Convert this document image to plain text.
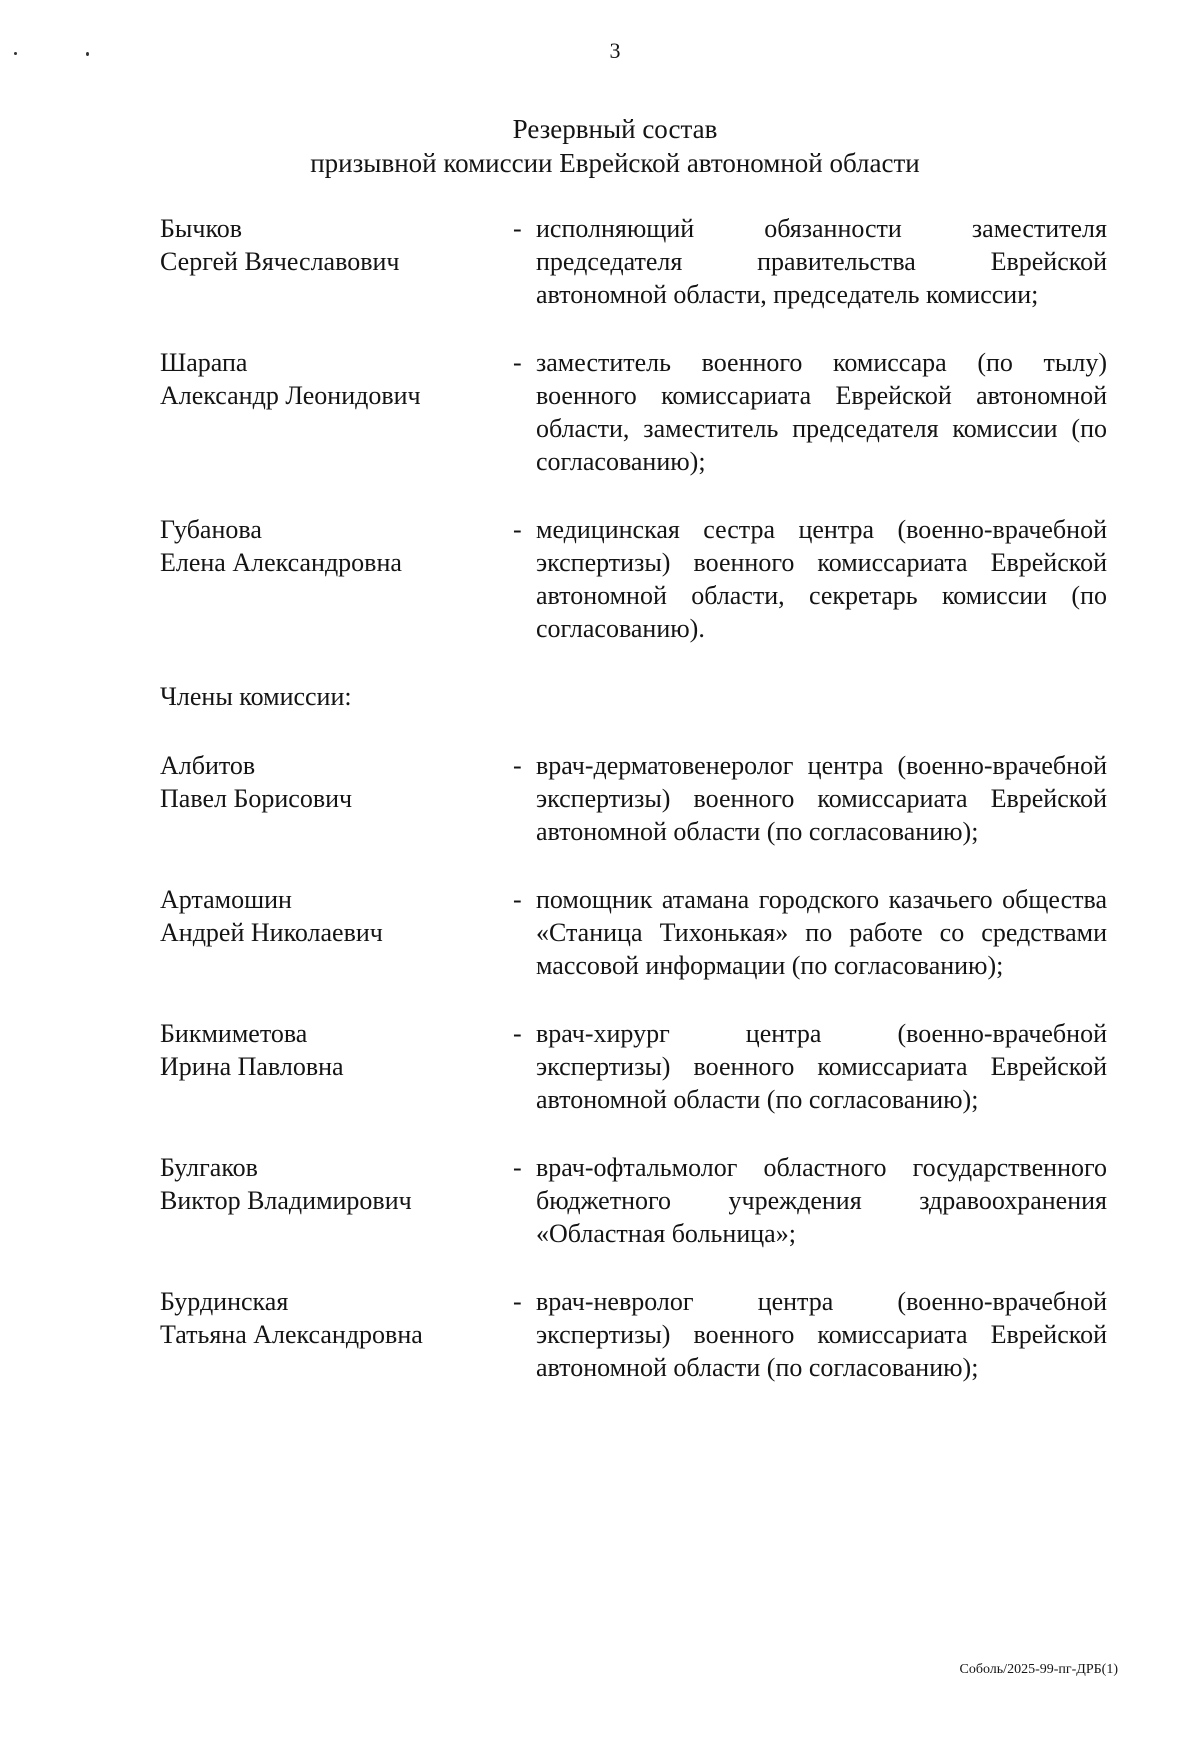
3
Резервный состав
призывной комиссии Еврейской автономной области
Бычков
Сергей Вячеславович
- исполняющий обязанности заместителя председателя правительства Еврейской автономной области, председатель комиссии;
Шарапа
Александр Леонидович
- заместитель военного комиссара (по тылу) военного комиссариата Еврейской автономной области, заместитель председателя комиссии (по согласованию);
Губанова
Елена Александровна
- медицинская сестра центра (военно-врачебной экспертизы) военного комиссариата Еврейской автономной области, секретарь комиссии (по согласованию).
Члены комиссии:
Албитов
Павел Борисович
- врач-дерматовенеролог центра (военно-врачебной экспертизы) военного комиссариата Еврейской автономной области (по согласованию);
Артамошин
Андрей Николаевич
- помощник атамана городского казачьего общества «Станица Тихонькая» по работе со средствами массовой информации (по согласованию);
Бикмиметова
Ирина Павловна
- врач-хирург центра (военно-врачебной экспертизы) военного комиссариата Еврейской автономной области (по согласованию);
Булгаков
Виктор Владимирович
- врач-офтальмолог областного государственного бюджетного учреждения здравоохранения «Областная больница»;
Бурдинская
Татьяна Александровна
- врач-невролог центра (военно-врачебной экспертизы) военного комиссариата Еврейской автономной области (по согласованию);
Соболь/2025-99-пг-ДРБ(1)
